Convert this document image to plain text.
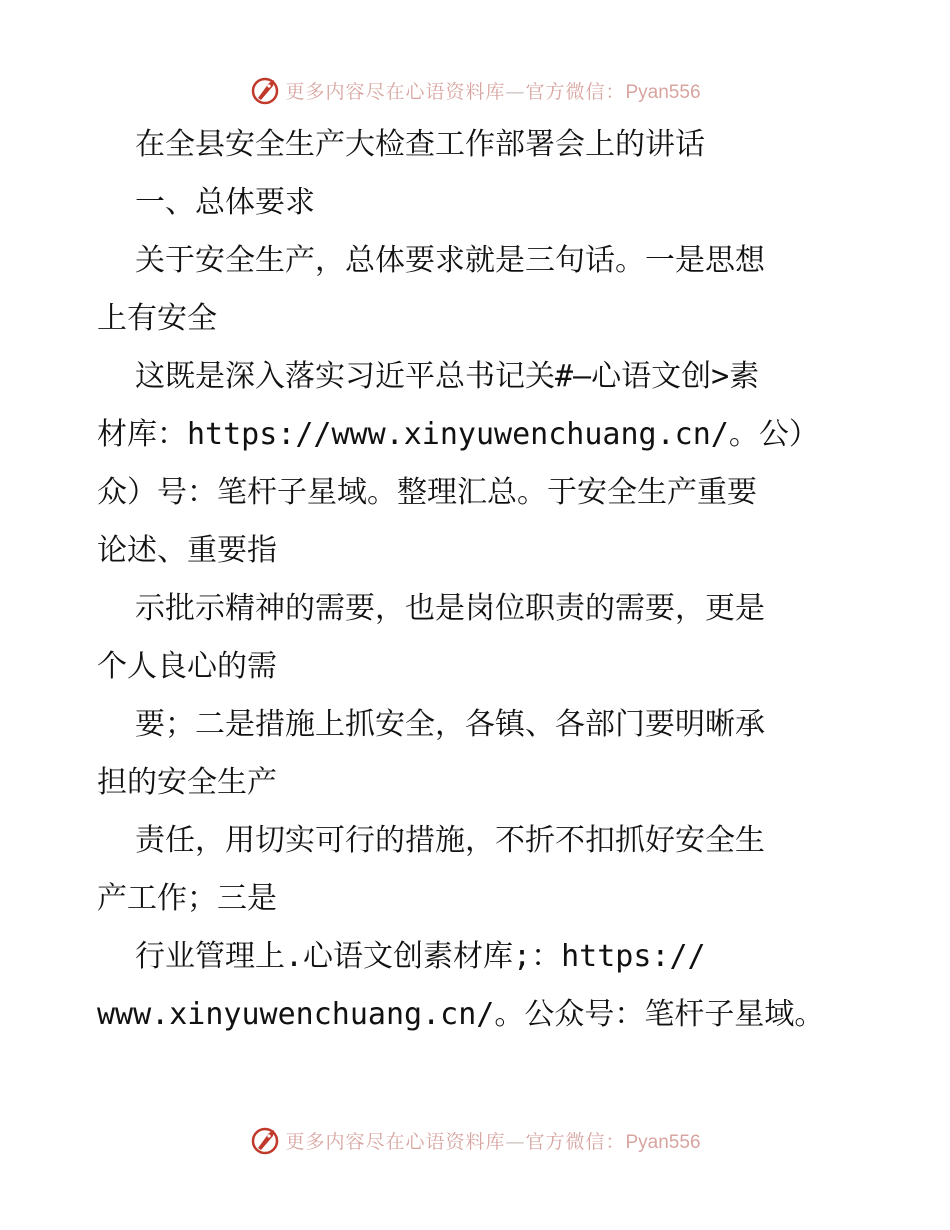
更多内容尽在心语资料库—官方微信：Pyan556
在全县安全生产大检查工作部署会上的讲话
一、总体要求
关于安全生产，总体要求就是三句话。一是思想
上有安全
这既是深入落实习近平总书记关#—心语文创>素
材库：https://www.xinyuwenchuang.cn/。公）
众）号：笔杆子星域。整理汇总。于安全生产重要
论述、重要指
示批示精神的需要，也是岗位职责的需要，更是
个人良心的需
要；二是措施上抓安全，各镇、各部门要明晰承
担的安全生产
责任，用切实可行的措施，不折不扣抓好安全生
产工作；三是
行业管理上.心语文创素材库;：https://
www.xinyuwenchuang.cn/。公众号：笔杆子星域。
更多内容尽在心语资料库—官方微信：Pyan556
